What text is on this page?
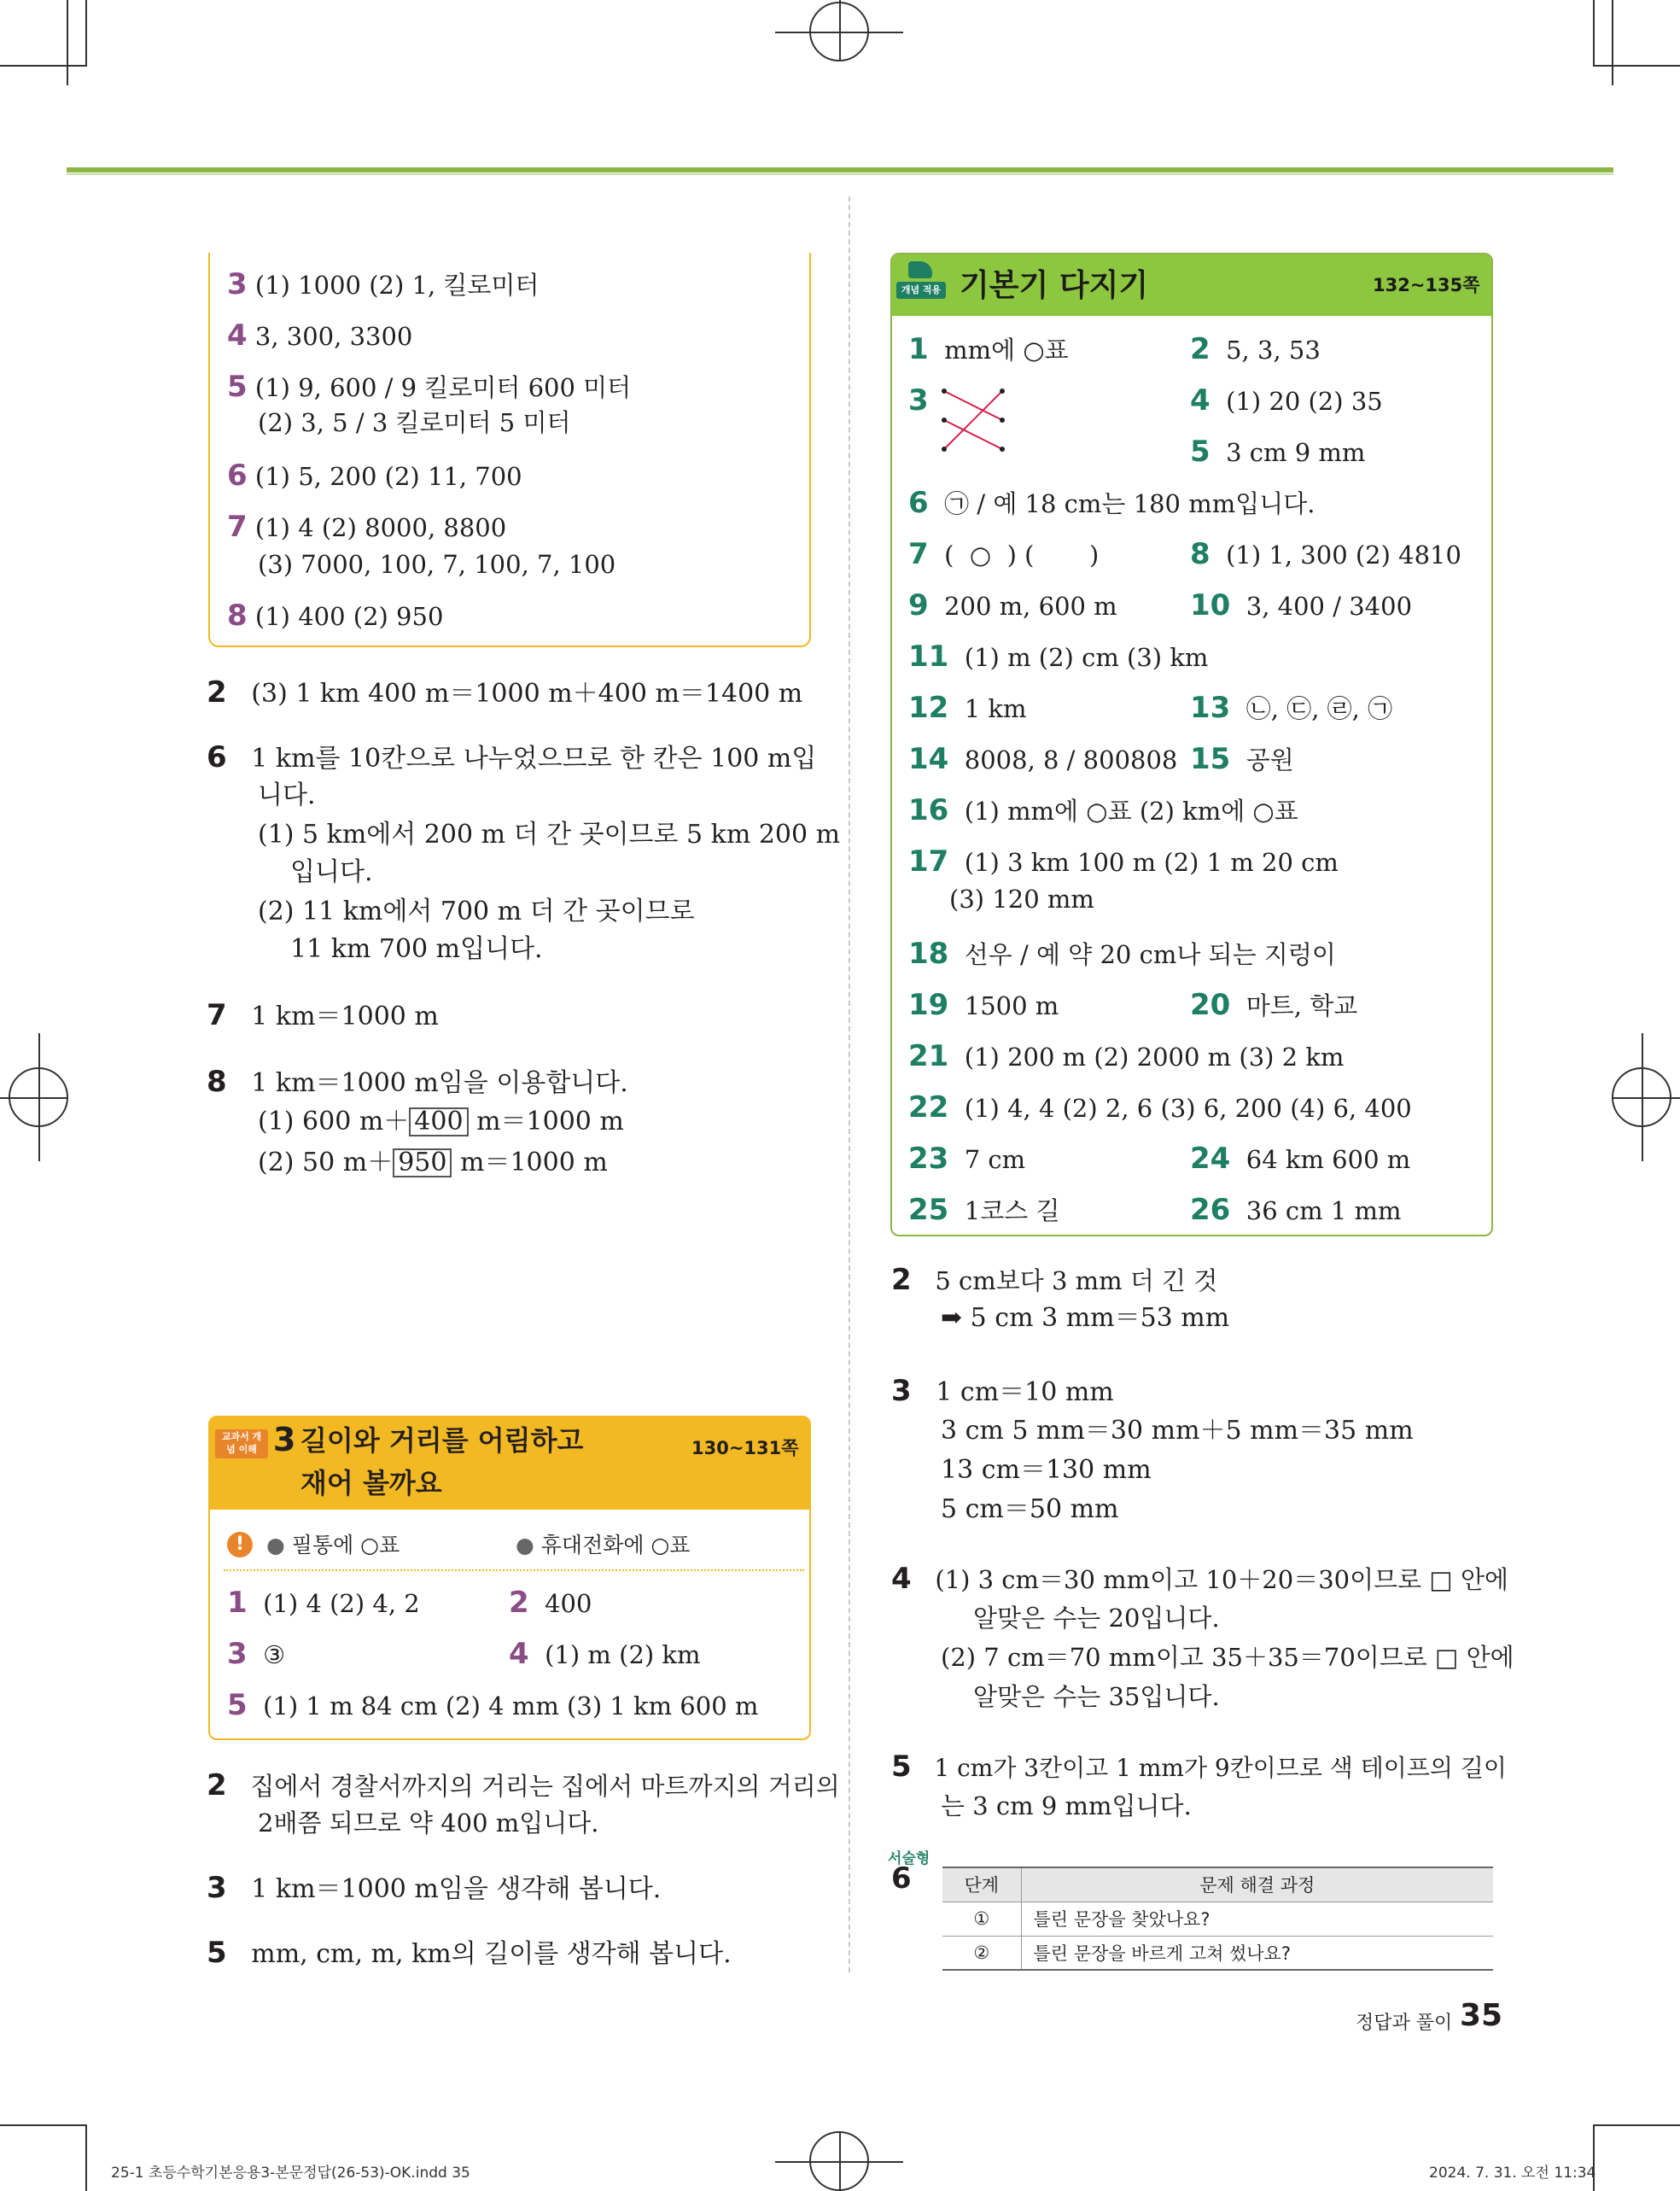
3 (1) 1000 (2) 1, 킬로미터
4 3, 300, 3300
5 (1) 9, 600 / 9 킬로미터 600 미터
(2) 3, 5 / 3 킬로미터 5 미터
6 (1) 5, 200 (2) 11, 700
7 (1) 4 (2) 8000, 8800
(3) 7000, 100, 7, 100, 7, 100
8 (1) 400 (2) 950
2 (3) 1 km 400 m＝1000 m＋400 m＝1400 m
6 1 km를 10칸으로 나누었으므로 한 칸은 100 m입
니다.
(1) 5 km에서 200 m 더 간 곳이므로 5 km 200 m
입니다.
(2) 11 km에서 700 m 더 간 곳이므로
11 km 700 m입니다.
7 1 km＝1000 m
8 1 km＝1000 m임을 이용합니다.
(1) 600 m＋ 400 m＝1000 m
(2) 50 m＋ 950 m＝1000 m
교과서 개념 이해 3 길이와 거리를 어림하고
재어 볼까요
130~131쪽
!	● 필통에 ○표	● 휴대전화에 ○표
1 (1) 4 (2) 4, 2	2 400
3 ③	4 (1) m (2) km
5 (1) 1 m 84 cm (2) 4 mm (3) 1 km 600 m
2 집에서 경찰서까지의 거리는 집에서 마트까지의 거리의
2배쯤 되므로 약 400 m입니다.
3 1 km＝1000 m임을 생각해 봅니다.
5 mm, cm, m, km의 길이를 생각해 봅니다.
개념 적용 기본기 다지기	132~135쪽
1 mm에 ○표	2 5, 3, 53
3	4 (1) 20 (2) 35
5 3 cm 9 mm
6 ㉠ / 예 18 cm는 180 mm입니다.
7 (  ○  ) (       )	8 (1) 1, 300 (2) 4810
9 200 m, 600 m	10 3, 400 / 3400
11 (1) m (2) cm (3) km
12 1 km	13 ㉡, ㉢, ㉣, ㉠
14 8008, 8 / 800808 15 공원
16 (1) mm에 ○표 (2) km에 ○표
17 (1) 3 km 100 m (2) 1 m 20 cm
(3) 120 mm
18 선우 / 예 약 20 cm나 되는 지렁이
19 1500 m	20 마트, 학교
21 (1) 200 m (2) 2000 m (3) 2 km
22 (1) 4, 4 (2) 2, 6 (3) 6, 200 (4) 6, 400
23 7 cm	24 64 km 600 m
25 1코스 길	26 36 cm 1 mm
2 5 cm보다 3 mm 더 긴 것
➡ 5 cm 3 mm＝53 mm
3 1 cm＝10 mm
3 cm 5 mm＝30 mm＋5 mm＝35 mm
13 cm＝130 mm
5 cm＝50 mm
4 (1) 3 cm＝30 mm이고 10＋20＝30이므로 □ 안에
알맞은 수는 20입니다.
(2) 7 cm＝70 mm이고 35＋35＝70이므로 □ 안에
알맞은 수는 35입니다.
5 1 cm가 3칸이고 1 mm가 9칸이므로 색 테이프의 길이
는 3 cm 9 mm입니다.
서술형
6	단계	문제 해결 과정
①	틀린 문장을 찾았나요?
②	틀린 문장을 바르게 고쳐 썼나요?
정답과 풀이 35
25-1 초등수학기본응용3-본문정답(26-53)-OK.indd 35	2024. 7. 31. 오전 11:34
